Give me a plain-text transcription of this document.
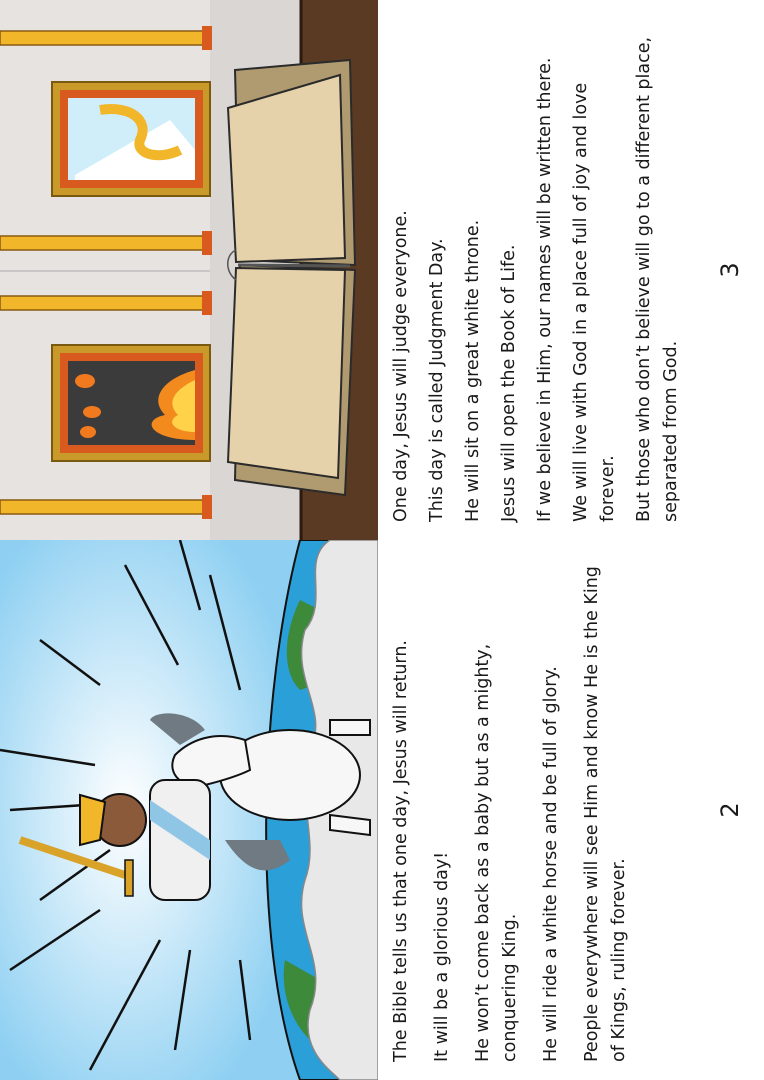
One day, Jesus will judge everyone. This day is called Judgment Day. He will sit on a great white throne. Jesus will open the Book of Life. If we believe in Him, our names will be written there. We will live with God in a place full of joy and love forever. But those who don’t believe will go to a different place, separated from God.

3

The Bible tells us that one day, Jesus will return. It will be a glorious day! He won’t come back as a baby but as a mighty, conquering King. He will ride a white horse and be full of glory. People everywhere will see Him and know He is the King of Kings, ruling forever.

2
